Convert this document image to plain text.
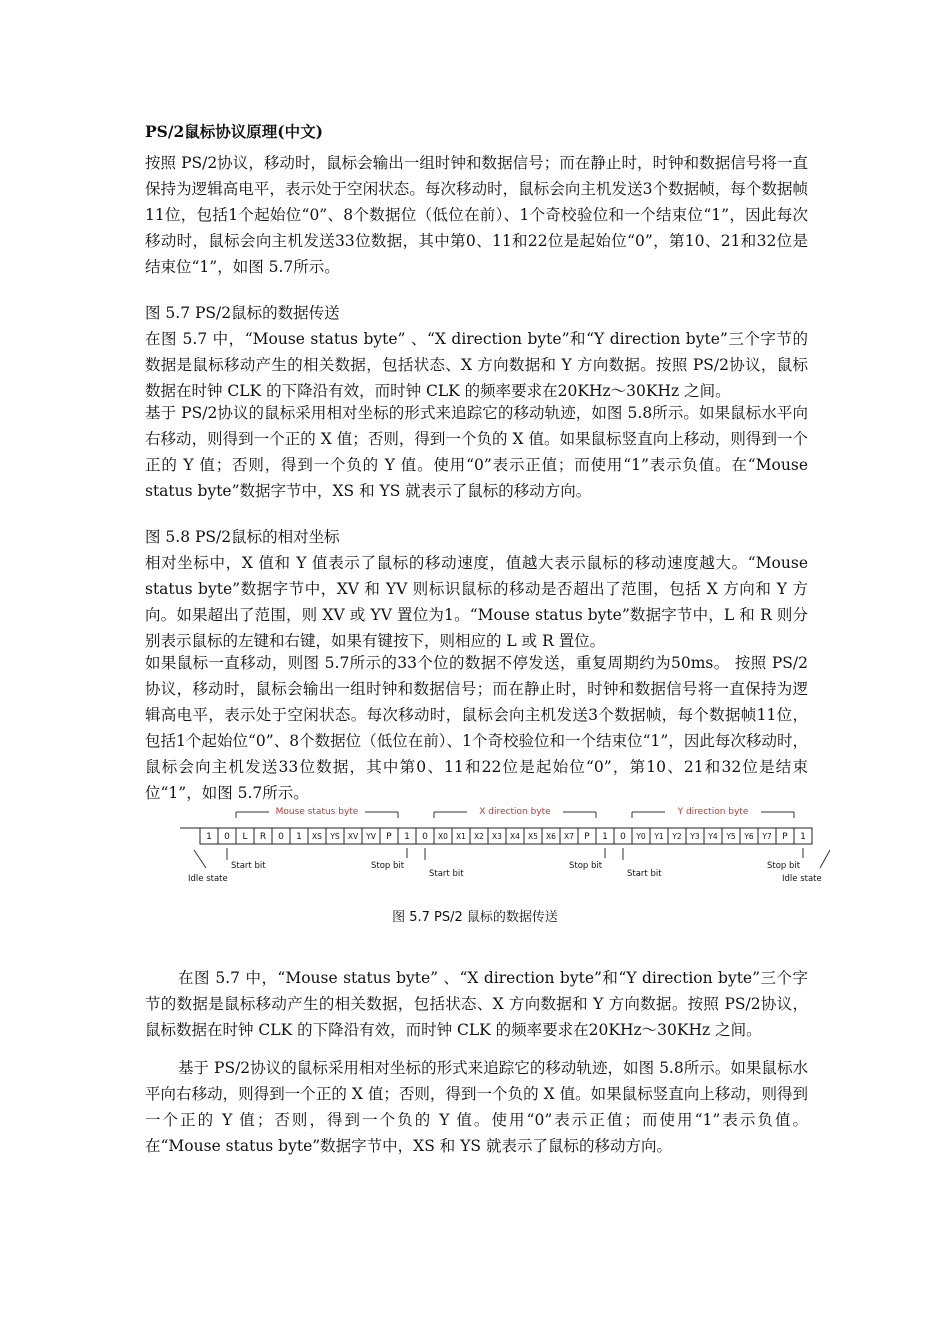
PS/2鼠标协议原理(中文)
按照 PS/2协议，移动时，鼠标会输出一组时钟和数据信号；而在静止时，时钟和数据信号将一直保持为逻辑高电平，表示处于空闲状态。每次移动时，鼠标会向主机发送3个数据帧，每个数据帧11位，包括1个起始位“0”、8个数据位（低位在前）、1个奇校验位和一个结束位“1”，因此每次移动时，鼠标会向主机发送33位数据，其中第0、11和22位是起始位“0”，第10、21和32位是结束位“1”，如图 5.7所示。
图 5.7 PS/2鼠标的数据传送
在图 5.7 中，“Mouse status byte” 、“X direction byte”和“Y direction byte”三个字节的数据是鼠标移动产生的相关数据，包括状态、X 方向数据和 Y 方向数据。按照 PS/2协议，鼠标数据在时钟 CLK 的下降沿有效，而时钟 CLK 的频率要求在20KHz～30KHz 之间。
基于 PS/2协议的鼠标采用相对坐标的形式来追踪它的移动轨迹，如图 5.8所示。如果鼠标水平向右移动，则得到一个正的 X 值；否则，得到一个负的 X 值。如果鼠标竖直向上移动，则得到一个正的 Y 值；否则，得到一个负的 Y 值。使用“0”表示正值；而使用“1”表示负值。在“Mouse status byte”数据字节中，XS 和 YS 就表示了鼠标的移动方向。
图 5.8 PS/2鼠标的相对坐标
相对坐标中，X 值和 Y 值表示了鼠标的移动速度，值越大表示鼠标的移动速度越大。“Mouse status byte”数据字节中，XV 和 YV 则标识鼠标的移动是否超出了范围，包括 X 方向和 Y 方向。如果超出了范围，则 XV 或 YV 置位为1。“Mouse status byte”数据字节中，L 和 R 则分别表示鼠标的左键和右键，如果有键按下，则相应的 L 或 R 置位。
如果鼠标一直移动，则图 5.7所示的33个位的数据不停发送，重复周期约为50ms。 按照 PS/2协议，移动时，鼠标会输出一组时钟和数据信号；而在静止时，时钟和数据信号将一直保持为逻辑高电平，表示处于空闲状态。每次移动时，鼠标会向主机发送3个数据帧，每个数据帧11位，包括1个起始位“0”、8个数据位（低位在前）、1个奇校验位和一个结束位“1”，因此每次移动时，鼠标会向主机发送33位数据，其中第0、11和22位是起始位“0”，第10、21和32位是结束位“1”，如图 5.7所示。
1 0 L R 0 1 XS YS XV YV P 1 0 X0 X1 X2 X3 X4 X5 X6 X7 P 1 0 Y0 Y1 Y2 Y3 Y4 Y5 Y6 Y7 P 1
Mouse status byte	X direction byte	Y direction byte
Idle state
Start bit
Start bit	Start bit
Stop bit	Stop bit	Stop bit
Idle state
图 5.7 PS/2 鼠标的数据传送
在图 5.7 中，“Mouse status byte” 、“X direction byte”和“Y direction byte”三个字节的数据是鼠标移动产生的相关数据，包括状态、X 方向数据和 Y 方向数据。按照 PS/2协议，鼠标数据在时钟 CLK 的下降沿有效，而时钟 CLK 的频率要求在20KHz～30KHz 之间。
基于 PS/2协议的鼠标采用相对坐标的形式来追踪它的移动轨迹，如图 5.8所示。如果鼠标水平向右移动，则得到一个正的 X 值；否则，得到一个负的 X 值。如果鼠标竖直向上移动，则得到一个正的 Y 值；否则，得到一个负的 Y 值。使用“0”表示正值；而使用“1”表示负值。在“Mouse status byte”数据字节中，XS 和 YS 就表示了鼠标的移动方向。
